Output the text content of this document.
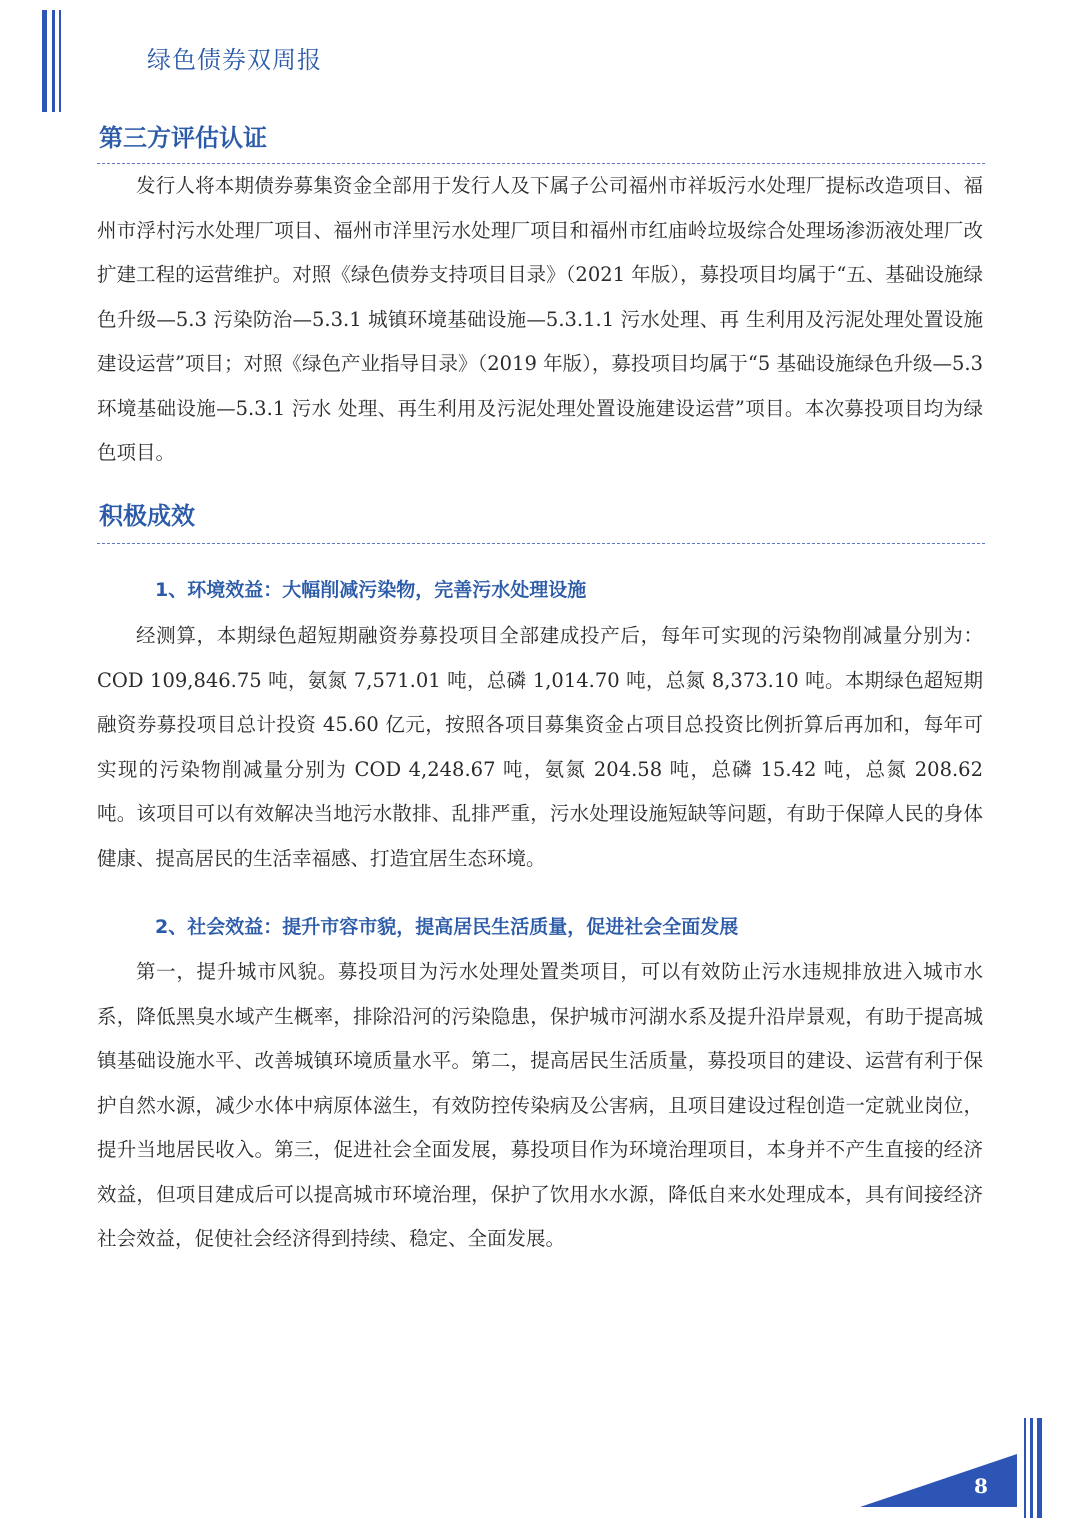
绿色债券双周报
第三方评估认证

发行人将本期债券募集资金全部用于发行人及下属子公司福州市祥坂污水处理厂提标改造项目、福州市浮村污水处理厂项目、福州市洋里污水处理厂项目和福州市红庙岭垃圾综合处理场渗沥液处理厂改扩建工程的运营维护。对照《绿色债券支持项目目录》（2021 年版），募投项目均属于“五、基础设施绿色升级—5.3 污染防治—5.3.1 城镇环境基础设施—5.3.1.1 污水处理、再 生利用及污泥处理处置设施建设运营”项目；对照《绿色产业指导目录》（2019 年版），募投项目均属于“5 基础设施绿色升级—5.3 环境基础设施—5.3.1 污水 处理、再生利用及污泥处理处置设施建设运营”项目。本次募投项目均为绿色项目。

积极成效
1、环境效益：大幅削减污染物，完善污水处理设施

经测算，本期绿色超短期融资券募投项目全部建成投产后，每年可实现的污染物削减量分别为：COD 109,846.75 吨，氨氮 7,571.01 吨，总磷 1,014.70 吨，总氮 8,373.10 吨。本期绿色超短期融资券募投项目总计投资 45.60 亿元，按照各项目募集资金占项目总投资比例折算后再加和，每年可实现的污染物削减量分别为 COD 4,248.67 吨，氨氮 204.58 吨，总磷 15.42 吨，总氮 208.62 吨。该项目可以有效解决当地污水散排、乱排严重，污水处理设施短缺等问题，有助于保障人民的身体健康、提高居民的生活幸福感、打造宜居生态环境。

2、社会效益：提升市容市貌，提高居民生活质量，促进社会全面发展

第一，提升城市风貌。募投项目为污水处理处置类项目，可以有效防止污水违规排放进入城市水系，降低黑臭水域产生概率，排除沿河的污染隐患，保护城市河湖水系及提升沿岸景观，有助于提高城镇基础设施水平、改善城镇环境质量水平。第二，提高居民生活质量，募投项目的建设、运营有利于保护自然水源，减少水体中病原体滋生，有效防控传染病及公害病，且项目建设过程创造一定就业岗位，提升当地居民收入。第三，促进社会全面发展，募投项目作为环境治理项目，本身并不产生直接的经济效益，但项目建成后可以提高城市环境治理，保护了饮用水水源，降低自来水处理成本，具有间接经济社会效益，促使社会经济得到持续、稳定、全面发展。

8
